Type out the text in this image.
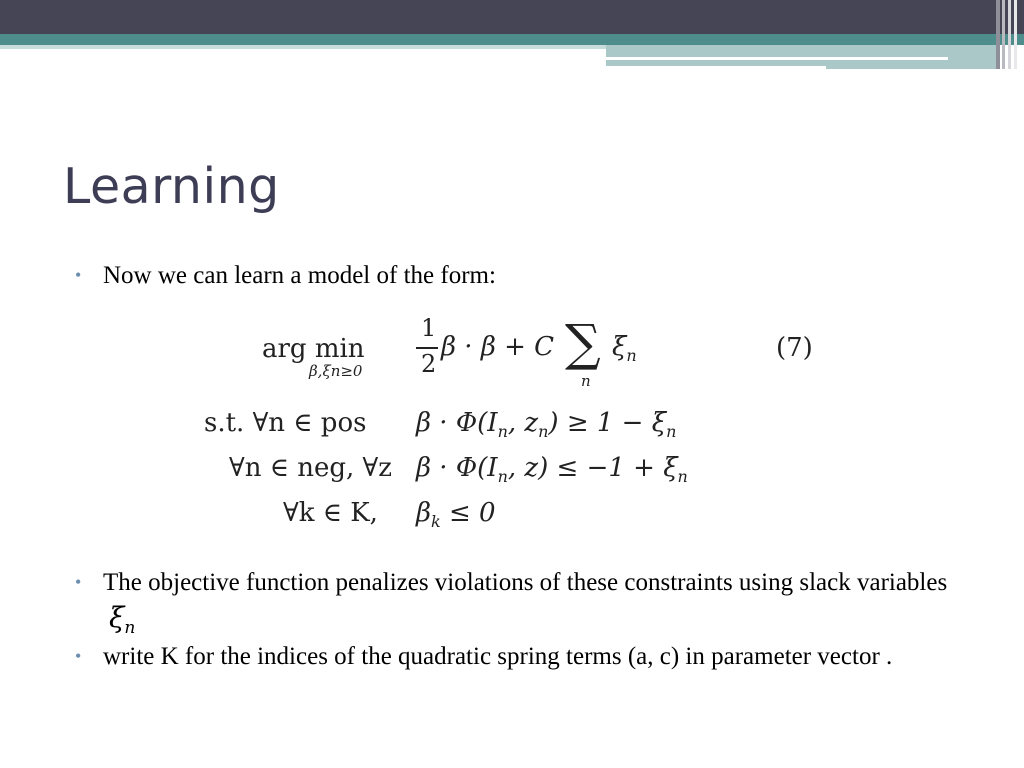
Learning
• Now we can learn a model of the form:
arg min
β,ξn≥0
1
2
β · β + C ∑
n
$\xi_n$	(7)
s.t. ∀n ∈ pos $\beta \cdot \Phi(I_n$, $z_n) \ge 1 - \xi_n$
∀n ∈ neg, ∀z $\beta \cdot \Phi(I_n$, $z) \le -1 + \xi_n$
∀k ∈ K, $\beta_k \le 0$
• The objective function penalizes violations of these constraints using slack variables $\xi_n$
• write K for the indices of the quadratic spring terms (a, c) in parameter vector .
